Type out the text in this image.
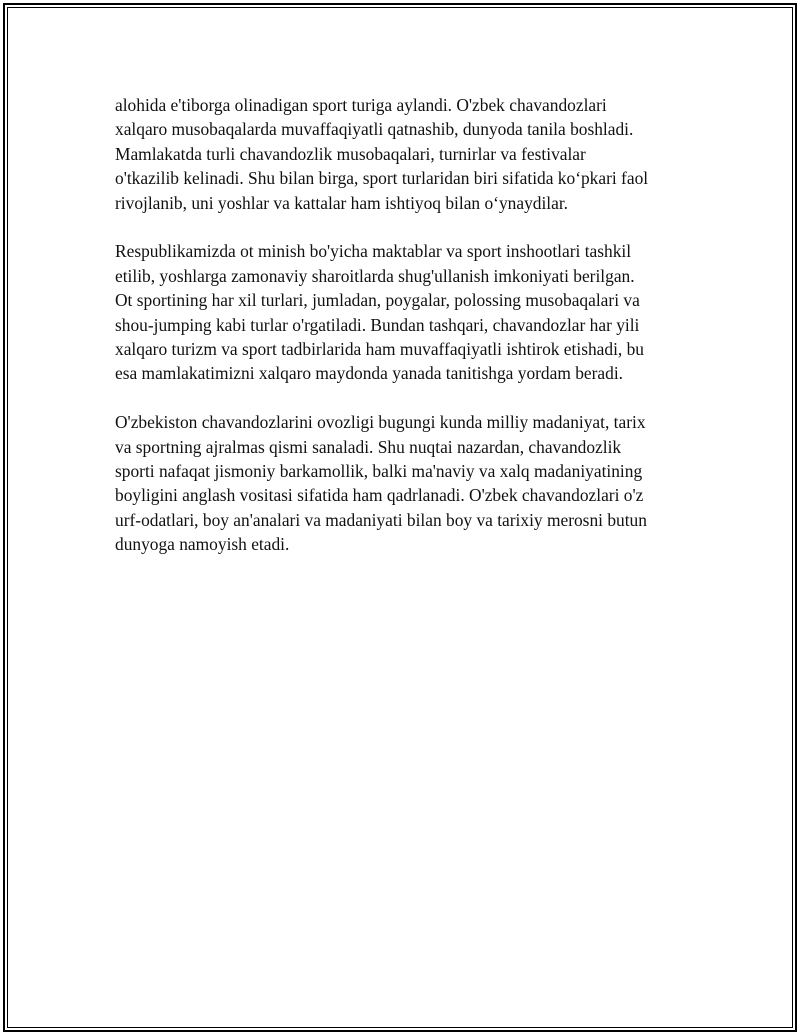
alohida e'tiborga olinadigan sport turiga aylandi. O'zbek chavandozlari
xalqaro musobaqalarda muvaffaqiyatli qatnashib, dunyoda tanila boshladi.
Mamlakatda turli chavandozlik musobaqalari, turnirlar va festivalar
o'tkazilib kelinadi. Shu bilan birga, sport turlaridan biri sifatida ko‘pkari faol
rivojlanib, uni yoshlar va kattalar ham ishtiyoq bilan o‘ynaydilar.

Respublikamizda ot minish bo'yicha maktablar va sport inshootlari tashkil
etilib, yoshlarga zamonaviy sharoitlarda shug'ullanish imkoniyati berilgan.
Ot sportining har xil turlari, jumladan, poygalar, polossing musobaqalari va
shou-jumping kabi turlar o'rgatiladi. Bundan tashqari, chavandozlar har yili
xalqaro turizm va sport tadbirlarida ham muvaffaqiyatli ishtirok etishadi, bu
esa mamlakatimizni xalqaro maydonda yanada tanitishga yordam beradi.

O'zbekiston chavandozlarini ovozligi bugungi kunda milliy madaniyat, tarix
va sportning ajralmas qismi sanaladi. Shu nuqtai nazardan, chavandozlik
sporti nafaqat jismoniy barkamollik, balki ma'naviy va xalq madaniyatining
boyligini anglash vositasi sifatida ham qadrlanadi. O'zbek chavandozlari o'z
urf-odatlari, boy an'analari va madaniyati bilan boy va tarixiy merosni butun
dunyoga namoyish etadi.
